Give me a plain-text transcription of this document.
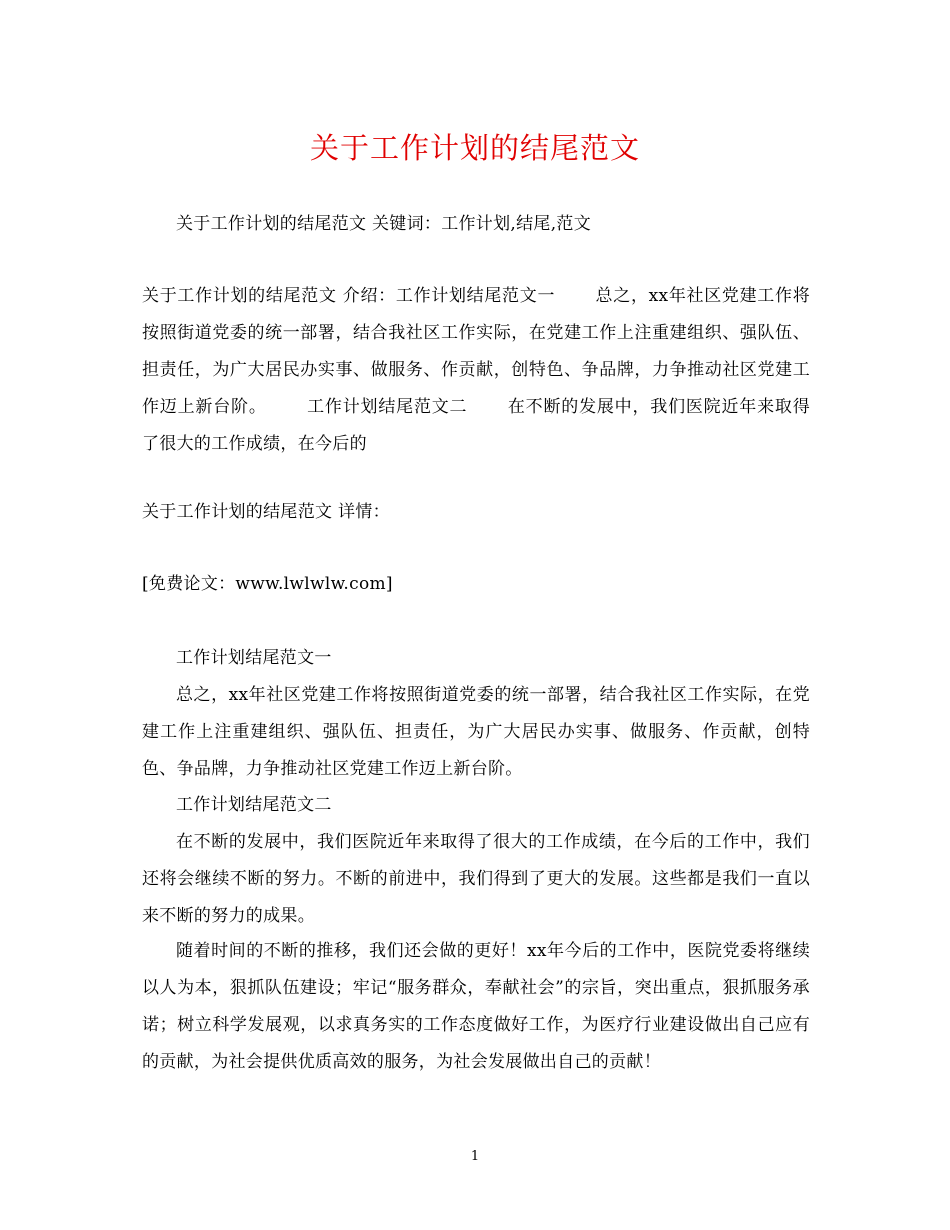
关于工作计划的结尾范文
关于工作计划的结尾范文 关键词：工作计划,结尾,范文
关于工作计划的结尾范文 介绍：工作计划结尾范文一 总之，xx年社区党建工作将按照街道党委的统一部署，结合我社区工作实际，在党建工作上注重建组织、强队伍、担责任，为广大居民办实事、做服务、作贡献，创特色、争品牌，力争推动社区党建工作迈上新台阶。 工作计划结尾范文二 在不断的发展中，我们医院近年来取得了很大的工作成绩，在今后的
关于工作计划的结尾范文 详情：
[免费论文：www.lwlwlw.com]
工作计划结尾范文一
总之，xx年社区党建工作将按照街道党委的统一部署，结合我社区工作实际，在党建工作上注重建组织、强队伍、担责任，为广大居民办实事、做服务、作贡献，创特色、争品牌，力争推动社区党建工作迈上新台阶。
工作计划结尾范文二
在不断的发展中，我们医院近年来取得了很大的工作成绩，在今后的工作中，我们还将会继续不断的努力。不断的前进中，我们得到了更大的发展。这些都是我们一直以来不断的努力的成果。
随着时间的不断的推移，我们还会做的更好！xx年今后的工作中，医院党委将继续以人为本，狠抓队伍建设；牢记“服务群众，奉献社会”的宗旨，突出重点，狠抓服务承诺；树立科学发展观，以求真务实的工作态度做好工作，为医疗行业建设做出自己应有的贡献，为社会提供优质高效的服务，为社会发展做出自己的贡献！
1
